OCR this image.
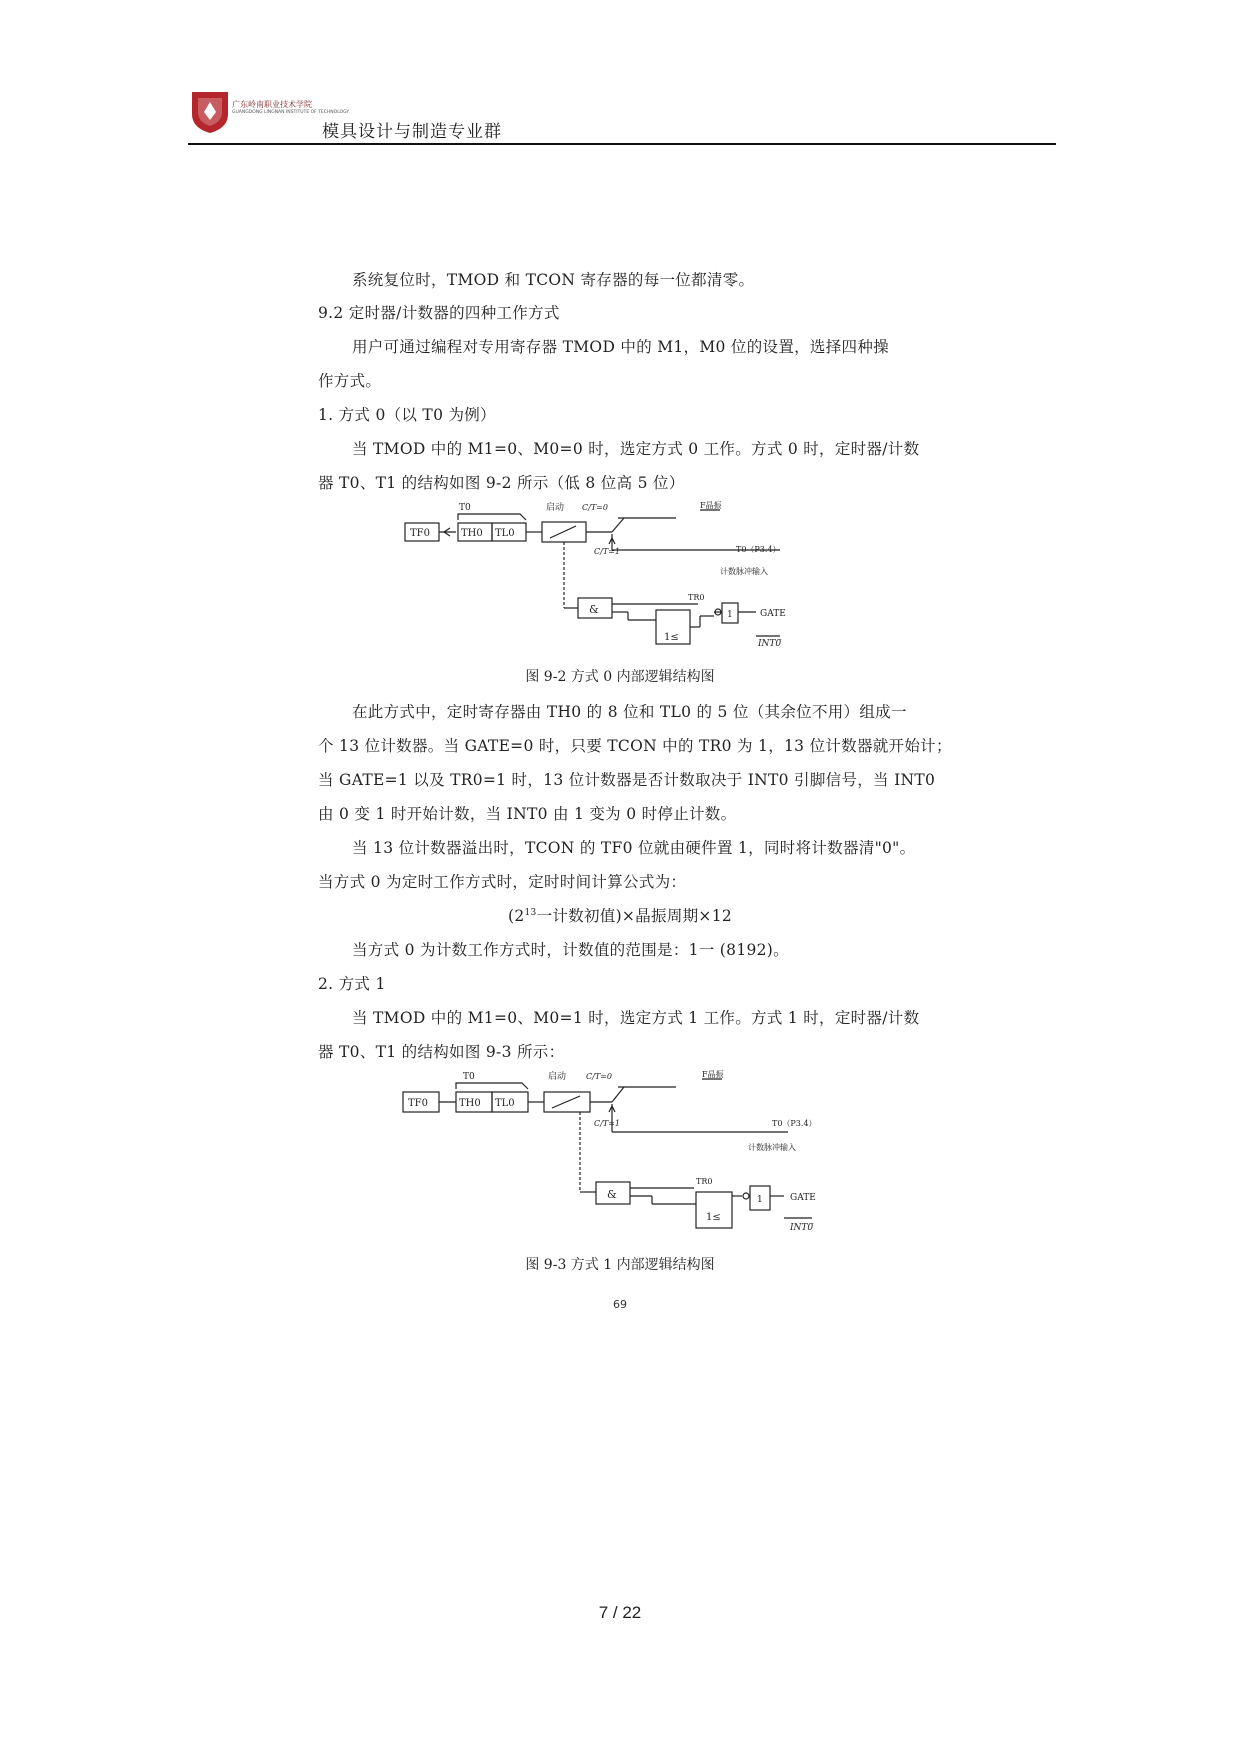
广东岭南职业技术学院
GUANGDONG LINGNAN INSTITUTE OF TECHNOLOGY
模具设计与制造专业群
系统复位时，TMOD 和 TCON 寄存器的每一位都清零。
9.2 定时器/计数器的四种工作方式
用户可通过编程对专用寄存器 TMOD 中的 M1，M0 位的设置，选择四种操
作方式。
1. 方式 0（以 T0 为例）
当 TMOD 中的 M1=0、M0=0 时，选定方式 0 工作。方式 0 时，定时器/计数
器 T0、T1 的结构如图 9-2 所示（低 8 位高 5 位）
T0
TF0	TH0 TL0
启动 C/T=0	F晶振
C/T=1	T0（P3.4）
计数脉冲输入
TR0
&
1≤
1	GATE
INT0
图 9-2 方式 0 内部逻辑结构图
在此方式中，定时寄存器由 TH0 的 8 位和 TL0 的 5 位（其余位不用）组成一
个 13 位计数器。当 GATE=0 时，只要 TCON 中的 TR0 为 1，13 位计数器就开始计；
当 GATE=1 以及 TR0=1 时，13 位计数器是否计数取决于 INT0 引脚信号，当 INT0
由 0 变 1 时开始计数，当 INT0 由 1 变为 0 时停止计数。
当 13 位计数器溢出时，TCON 的 TF0 位就由硬件置 1，同时将计数器清"0"。
当方式 0 为定时工作方式时，定时时间计算公式为：
($2^{13}$一计数初值)×晶振周期×12
当方式 0 为计数工作方式时，计数值的范围是：1一 (8192)。
2. 方式 1
当 TMOD 中的 M1=0、M0=1 时，选定方式 1 工作。方式 1 时，定时器/计数
器 T0、T1 的结构如图 9-3 所示：
T0
TF0	TH0 TL0
启动 C/T=0	F晶振
C/T=1	T0（P3.4）
计数脉冲输入
TR0
&
1≤
1	GATE
INT0
图 9-3 方式 1 内部逻辑结构图
69
7 / 22
